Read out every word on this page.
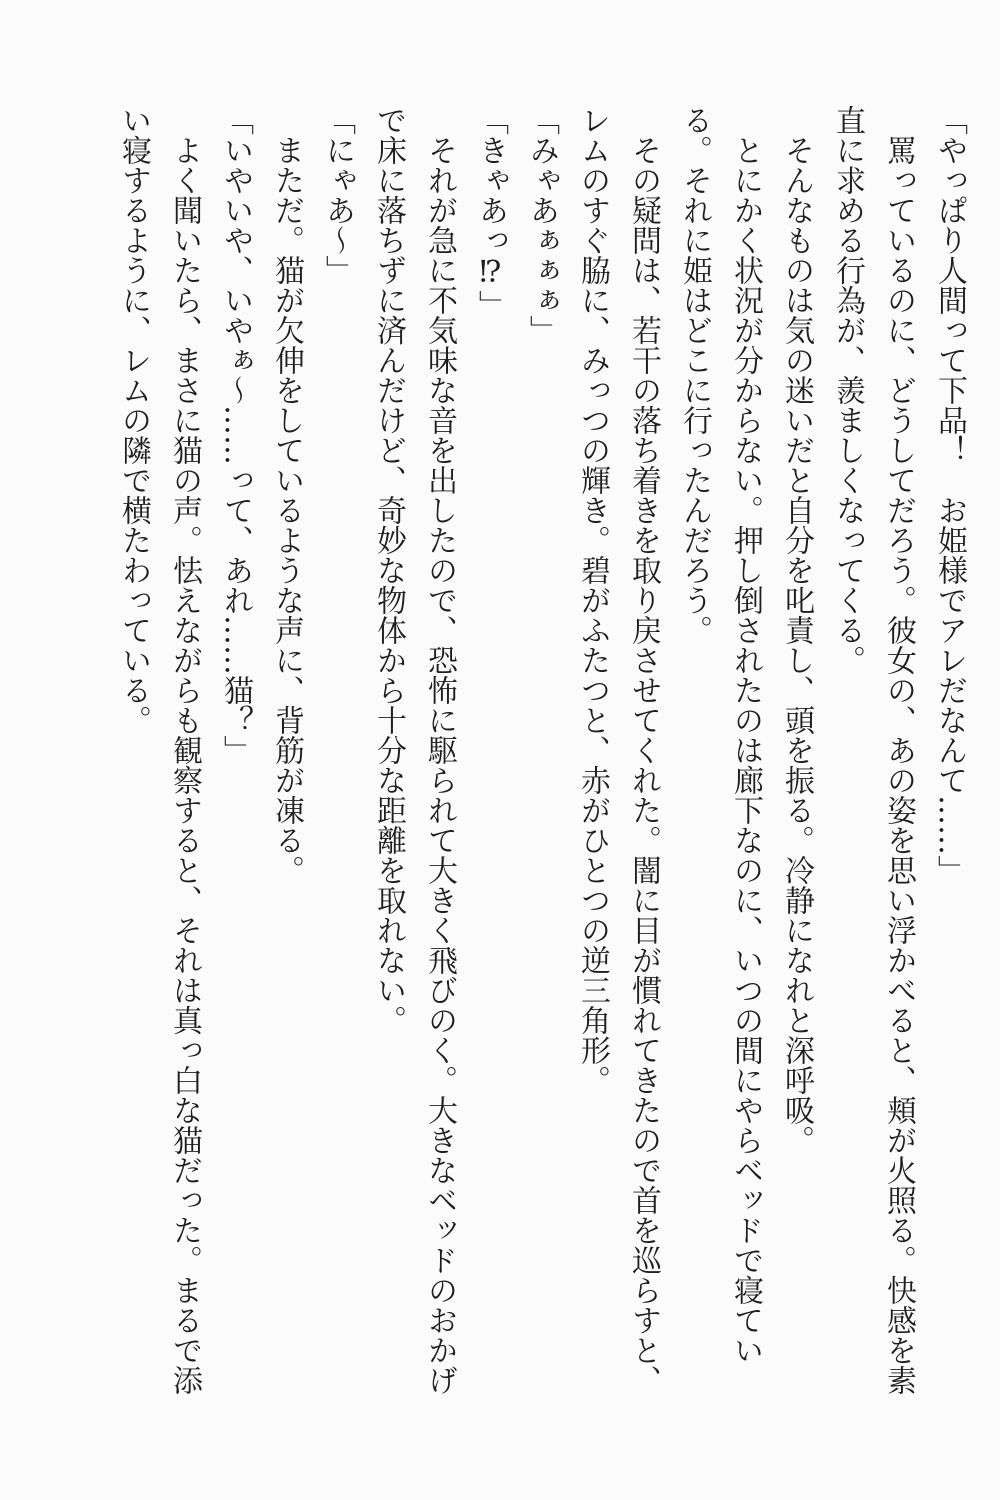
「やっぱり人間って下品！　お姫様でアレだなんて……」

　罵っているのに、どうしてだろう。彼女の、あの姿を思い浮かべると、頬が火照る。快感を素直に求める行為が、羨ましくなってくる。

　そんなものは気の迷いだと自分を叱責し、頭を振る。冷静になれと深呼吸。

　とにかく状況が分からない。押し倒されたのは廊下なのに、いつの間にやらベッドで寝ている。それに姫はどこに行ったんだろう。

　その疑問は、若干の落ち着きを取り戻させてくれた。闇に目が慣れてきたので首を巡らすと、レムのすぐ脇に、みっつの輝き。碧がふたつと、赤がひとつの逆三角形。

「みゃあぁぁぁ」

「きゃあっ⁉」

　それが急に不気味な音を出したので、恐怖に駆られて大きく飛びのく。大きなベッドのおかげで床に落ちずに済んだけど、奇妙な物体から十分な距離を取れない。

「にゃあ〜」

　まただ。猫が欠伸をしているような声に、背筋が凍る。

「いやいや、いやぁ〜……って、あれ……猫？」

　よく聞いたら、まさに猫の声。怯えながらも観察すると、それは真っ白な猫だった。まるで添い寝するように、レムの隣で横たわっている。
